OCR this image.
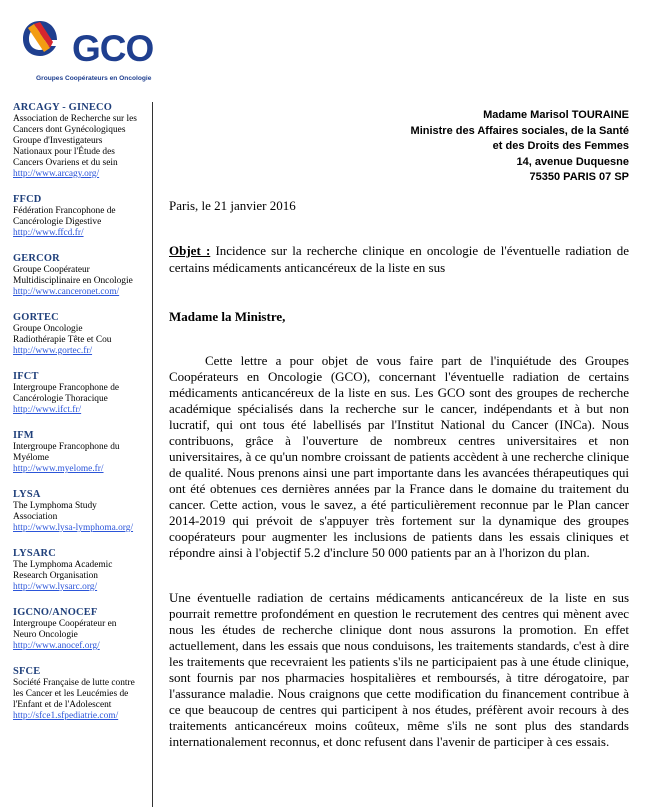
GCO
Groupes Coopérateurs en Oncologie
ARCAGY - GINECO
Association de Recherche sur les Cancers dont Gynécologiques Groupe d'Investigateurs Nationaux pour l'Étude des Cancers Ovariens et du sein
http://www.arcagy.org/
FFCD
Fédération Francophone de Cancérologie Digestive
http://www.ffcd.fr/
GERCOR
Groupe Coopérateur Multidisciplinaire en Oncologie
http://www.canceronet.com/
GORTEC
Groupe Oncologie Radiothérapie Tête et Cou
http://www.gortec.fr/
IFCT
Intergroupe Francophone de Cancérologie Thoracique
http://www.ifct.fr/
IFM
Intergroupe Francophone du Myélome
http://www.myelome.fr/
LYSA
The Lymphoma Study Association
http://www.lysa-lymphoma.org/
LYSARC
The Lymphoma Academic Research Organisation
http://www.lysarc.org/
IGCNO/ANOCEF
Intergroupe Coopérateur en Neuro Oncologie
http://www.anocef.org/
SFCE
Société Française de lutte contre les Cancer et les Leucémies de l'Enfant et de l'Adolescent
http://sfce1.sfpediatrie.com/
Madame Marisol TOURAINE
Ministre des Affaires sociales, de la Santé
et des Droits des Femmes
14, avenue Duquesne
75350 PARIS 07 SP
Paris, le 21 janvier 2016
Objet : Incidence sur la recherche clinique en oncologie de l'éventuelle radiation de certains médicaments anticancéreux de la liste en sus
Madame la Ministre,
Cette lettre a pour objet de vous faire part de l'inquiétude des Groupes Coopérateurs en Oncologie (GCO), concernant l'éventuelle radiation de certains médicaments anticancéreux de la liste en sus. Les GCO sont des groupes de recherche académique spécialisés dans la recherche sur le cancer, indépendants et à but non lucratif, qui ont tous été labellisés par l'Institut National du Cancer (INCa). Nous contribuons, grâce à l'ouverture de nombreux centres universitaires et non universitaires, à ce qu'un nombre croissant de patients accèdent à une recherche clinique de qualité. Nous prenons ainsi une part importante dans les avancées thérapeutiques qui ont été obtenues ces dernières années par la France dans le domaine du traitement du cancer. Cette action, vous le savez, a été particulièrement reconnue par le Plan cancer 2014-2019 qui prévoit de s'appuyer très fortement sur la dynamique des groupes coopérateurs pour augmenter les inclusions de patients dans les essais cliniques et répondre ainsi à l'objectif 5.2 d'inclure 50 000 patients par an à l'horizon du plan.
Une éventuelle radiation de certains médicaments anticancéreux de la liste en sus pourrait remettre profondément en question le recrutement des centres qui mènent avec nous les études de recherche clinique dont nous assurons la promotion. En effet actuellement, dans les essais que nous conduisons, les traitements standards, c'est à dire les traitements que recevraient les patients s'ils ne participaient pas à une étude clinique, sont fournis par nos pharmacies hospitalières et remboursés, à titre dérogatoire, par l'assurance maladie. Nous craignons que cette modification du financement contribue à ce que beaucoup de centres qui participent à nos études, préfèrent avoir recours à des traitements anticancéreux moins coûteux, même s'ils ne sont plus des standards internationalement reconnus, et donc refusent dans l'avenir de participer à ces essais.
